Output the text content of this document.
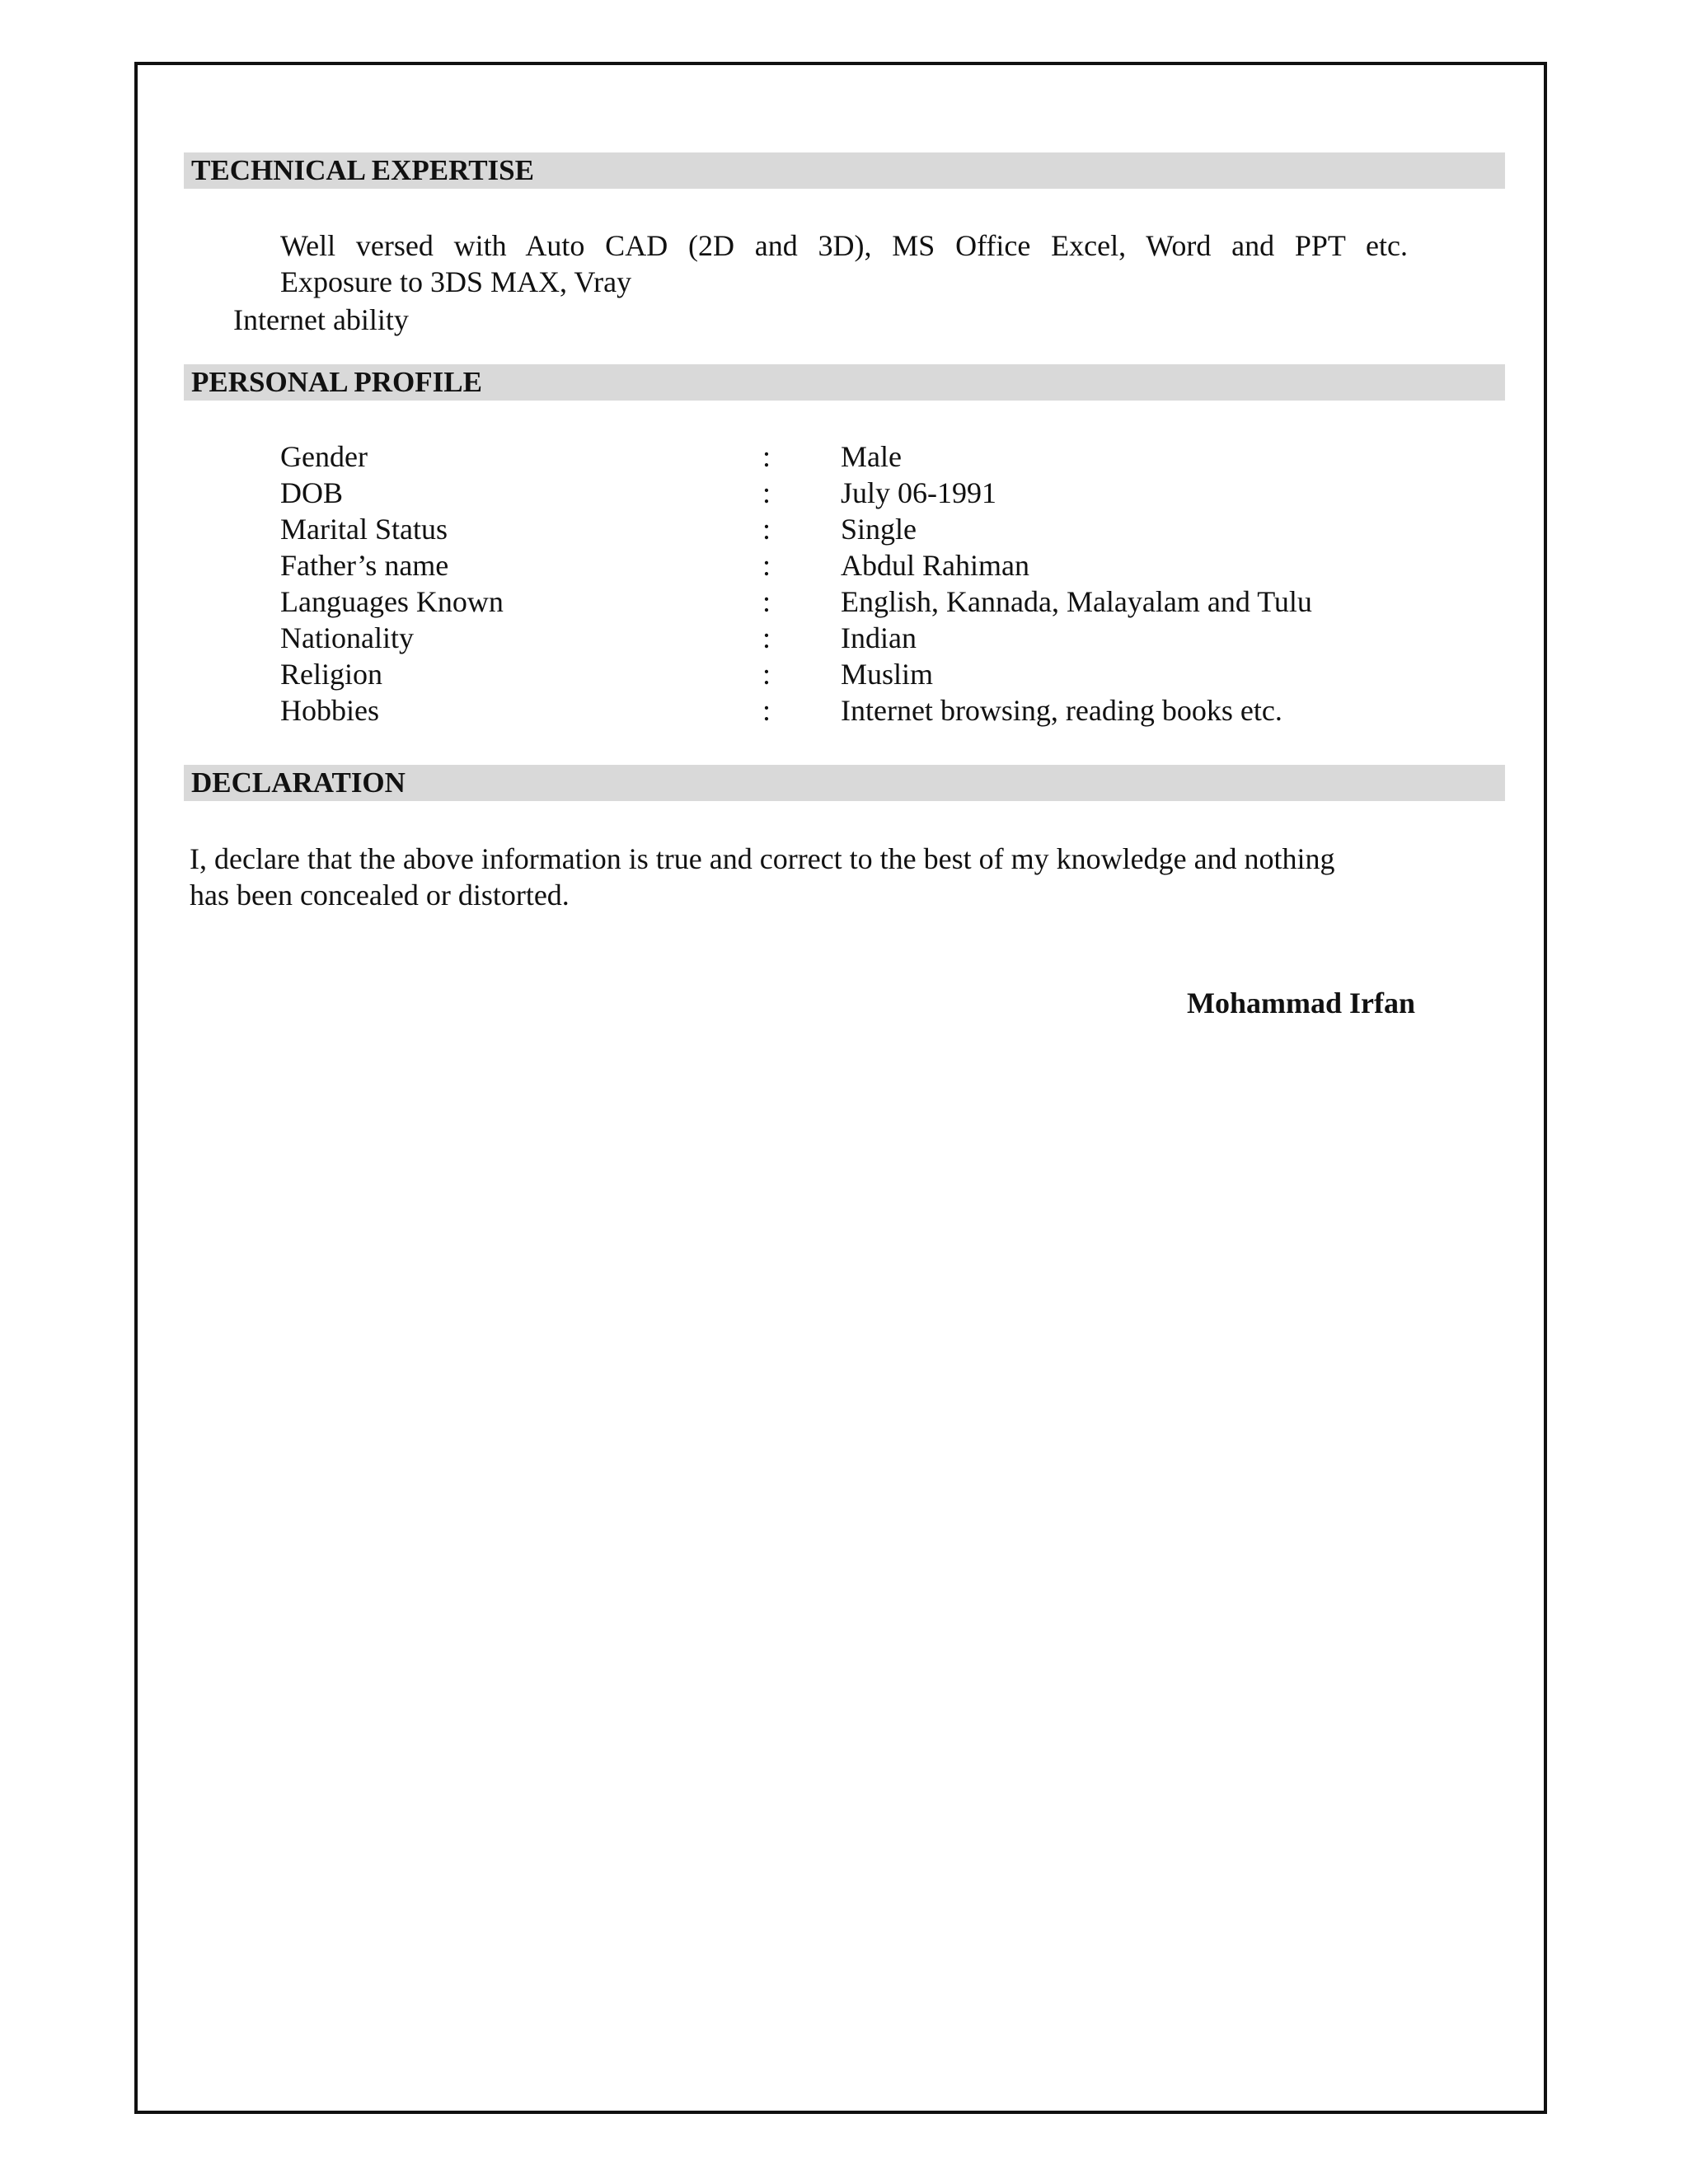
TECHNICAL EXPERTISE
Well versed with Auto CAD (2D and 3D), MS Office Excel, Word and PPT etc.
Exposure to 3DS MAX, Vray
Internet ability
PERSONAL PROFILE
Gender	: Male
DOB	: July 06-1991
Marital Status	: Single
Father’s name	: Abdul Rahiman
Languages Known	: English, Kannada, Malayalam and Tulu
Nationality	: Indian
Religion	: Muslim
Hobbies	: Internet browsing, reading books etc.
DECLARATION
I, declare that the above information is true and correct to the best of my knowledge and nothing
has been concealed or distorted.
Mohammad Irfan
